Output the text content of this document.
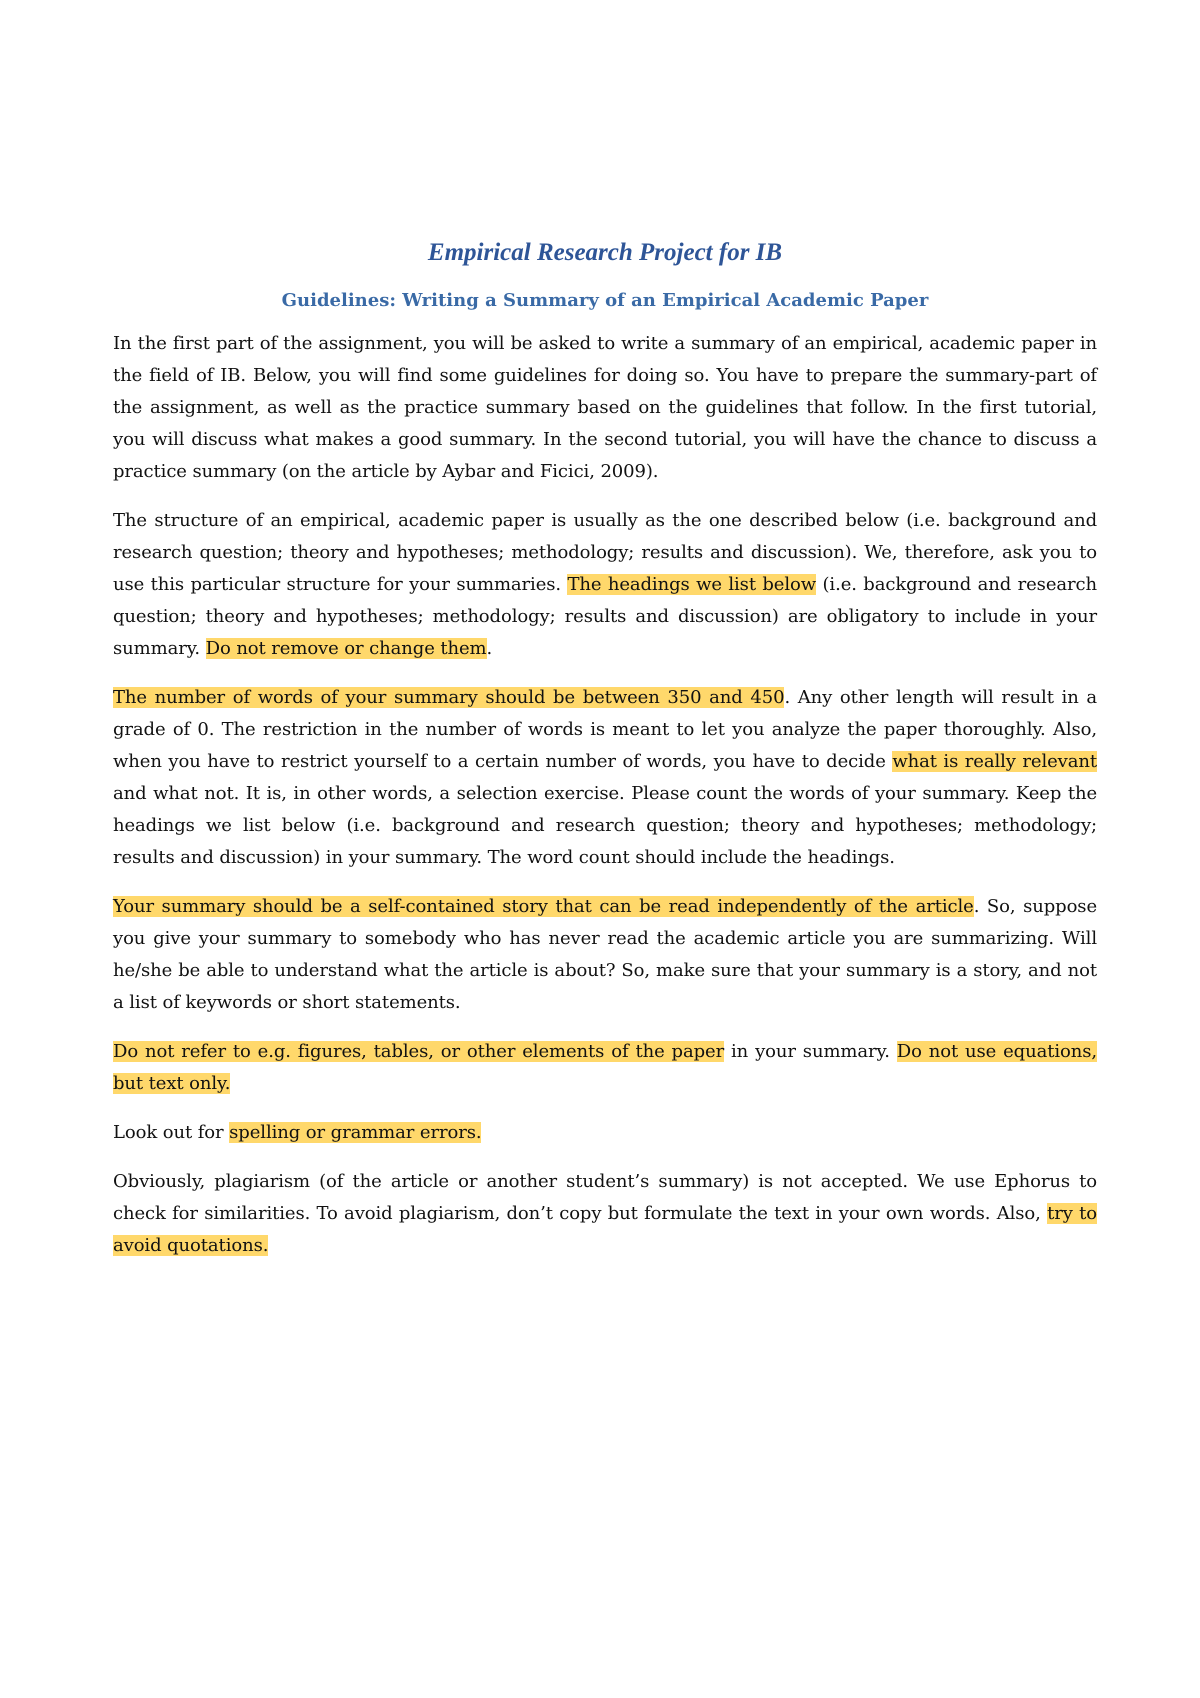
Empirical Research Project for IB
Guidelines: Writing a Summary of an Empirical Academic Paper

In the first part of the assignment, you will be asked to write a summary of an empirical, academic paper in the field of IB. Below, you will find some guidelines for doing so. You have to prepare the summary-part of the assignment, as well as the practice summary based on the guidelines that follow. In the first tutorial, you will discuss what makes a good summary. In the second tutorial, you will have the chance to discuss a practice summary (on the article by Aybar and Ficici, 2009).

The structure of an empirical, academic paper is usually as the one described below (i.e. background and research question; theory and hypotheses; methodology; results and discussion). We, therefore, ask you to use this particular structure for your summaries. The headings we list below (i.e. background and research question; theory and hypotheses; methodology; results and discussion) are obligatory to include in your summary. Do not remove or change them.

The number of words of your summary should be between 350 and 450. Any other length will result in a grade of 0. The restriction in the number of words is meant to let you analyze the paper thoroughly. Also, when you have to restrict yourself to a certain number of words, you have to decide what is really relevant and what not. It is, in other words, a selection exercise. Please count the words of your summary. Keep the headings we list below (i.e. background and research question; theory and hypotheses; methodology; results and discussion) in your summary. The word count should include the headings.

Your summary should be a self-contained story that can be read independently of the article. So, suppose you give your summary to somebody who has never read the academic article you are summarizing. Will he/she be able to understand what the article is about? So, make sure that your summary is a story, and not a list of keywords or short statements.

Do not refer to e.g. figures, tables, or other elements of the paper in your summary. Do not use equations, but text only.

Look out for spelling or grammar errors.

Obviously, plagiarism (of the article or another student’s summary) is not accepted. We use Ephorus to check for similarities. To avoid plagiarism, don’t copy but formulate the text in your own words. Also, try to avoid quotations.
